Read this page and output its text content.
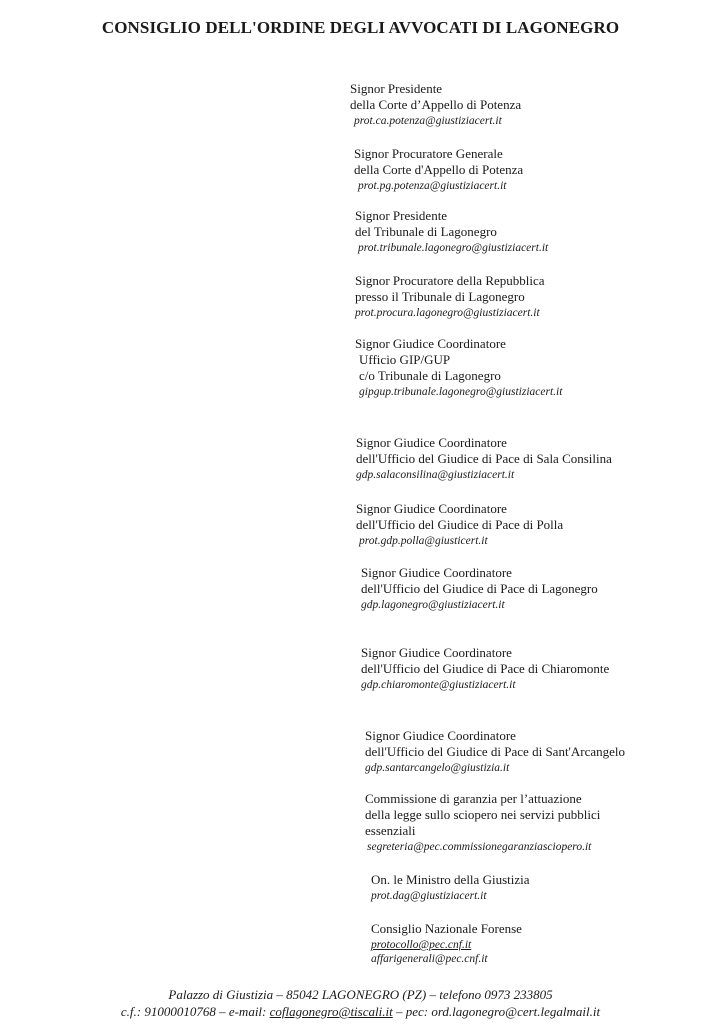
CONSIGLIO DELL'ORDINE DEGLI AVVOCATI DI LAGONEGRO
Signor Presidente
della Corte d’Appello di Potenza
prot.ca.potenza@giustiziacert.it
Signor Procuratore Generale
della Corte d'Appello di Potenza
prot.pg.potenza@giustiziacert.it
Signor Presidente
del Tribunale di Lagonegro
prot.tribunale.lagonegro@giustiziacert.it
Signor Procuratore della Repubblica
presso il Tribunale di Lagonegro
prot.procura.lagonegro@giustiziacert.it
Signor Giudice Coordinatore
Ufficio GIP/GUP
c/o Tribunale di Lagonegro
gipgup.tribunale.lagonegro@giustiziacert.it
Signor Giudice Coordinatore
dell'Ufficio del Giudice di Pace di Sala Consilina
gdp.salaconsilina@giustiziacert.it
Signor Giudice Coordinatore
dell'Ufficio del Giudice di Pace di Polla
prot.gdp.polla@giusticert.it
Signor Giudice Coordinatore
dell'Ufficio del Giudice di Pace di Lagonegro
gdp.lagonegro@giustiziacert.it
Signor Giudice Coordinatore
dell'Ufficio del Giudice di Pace di Chiaromonte
gdp.chiaromonte@giustiziacert.it
Signor Giudice Coordinatore
dell'Ufficio del Giudice di Pace di Sant'Arcangelo
gdp.santarcangelo@giustizia.it
Commissione di garanzia per l’attuazione
della legge sullo sciopero nei servizi pubblici
essenziali
segreteria@pec.commissionegaranziasciopero.it
On. le Ministro della Giustizia
prot.dag@giustiziacert.it
Consiglio Nazionale Forense
protocollo@pec.cnf.it
affarigenerali@pec.cnf.it
Palazzo di Giustizia – 85042 LAGONEGRO (PZ) – telefono 0973 233805
c.f.: 91000010768 – e-mail: coflagonegro@tiscali.it – pec: ord.lagonegro@cert.legalmail.it
